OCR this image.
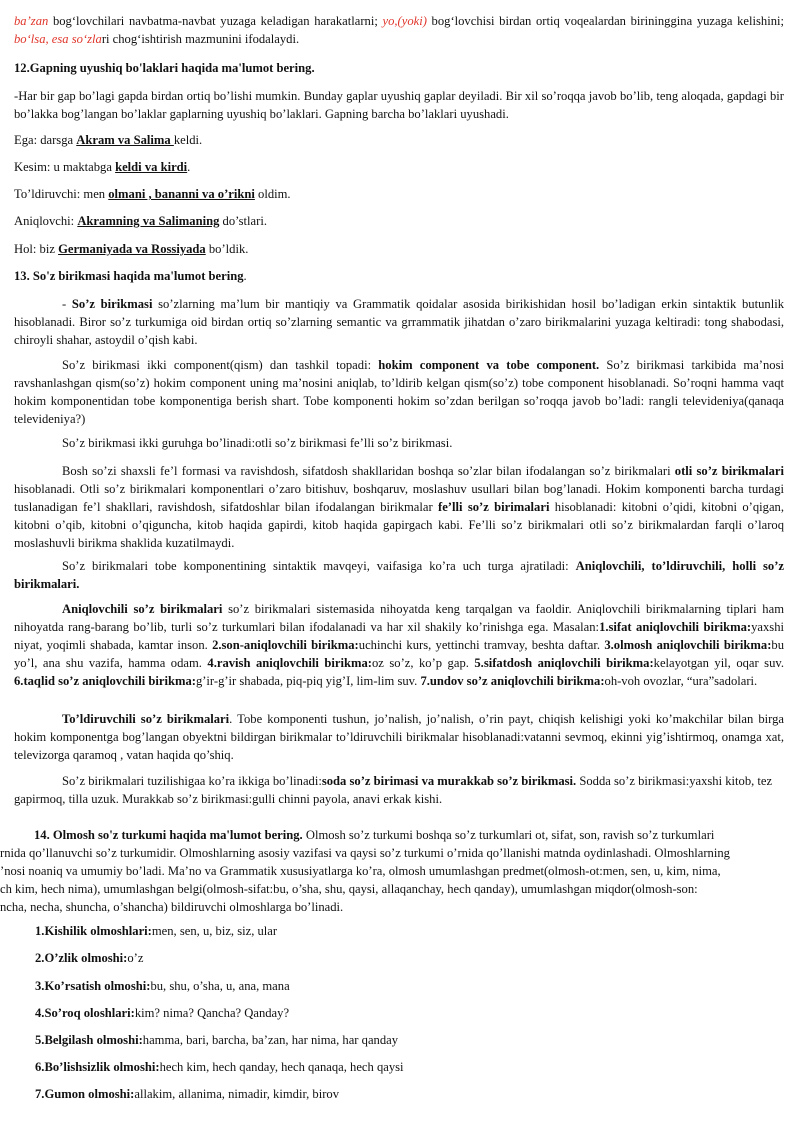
ba’zan bog‘lovchilari navbatma-navbat yuzaga keladigan harakatlarni; yo,(yoki) bog‘lovchisi birdan ortiq voqealardan birininggina yuzaga kelishini; bo‘lsa, esa so‘zlari chog‘ishtirish mazmunini ifodalaydi.

12.Gapning uyushiq bo'laklari haqida ma'lumot bering.

-Har bir gap bo’lagi gapda birdan ortiq bo’lishi mumkin. Bunday gaplar uyushiq gaplar deyiladi. Bir xil so’roqqa javob bo’lib, teng aloqada, gapdagi bir bo’lakka bog’langan bo’laklar gaplarning uyushiq bo’laklari. Gapning barcha bo’laklari uyushadi.

Ega: darsga Akram va Salima keldi.

Kesim: u maktabga keldi va kirdi.

To’ldiruvchi: men olmani , bananni va o’rikni oldim.

Aniqlovchi: Akramning va Salimaning do’stlari.

Hol: biz Germaniyada va Rossiyada bo’ldik.

13. So'z birikmasi haqida ma'lumot bering.

- So’z birikmasi so’zlarning ma’lum bir mantiqiy va Grammatik qoidalar asosida birikishidan hosil bo’ladigan erkin sintaktik butunlik hisoblanadi. Biror so’z turkumiga oid birdan ortiq so’zlarning semantic va grrammatik jihatdan o’zaro birikmalarini yuzaga keltiradi: tong shabodasi, chiroyli shahar, astoydil o’qish kabi.

So’z birikmasi ikki component(qism) dan tashkil topadi: hokim component va tobe component. So’z birikmasi tarkibida ma’nosi ravshanlashgan qism(so’z) hokim component uning ma’nosini aniqlab, to’ldirib kelgan qism(so’z) tobe component hisoblanadi. So’roqni hamma vaqt hokim komponentidan tobe komponentiga berish shart. Tobe komponenti hokim so’zdan berilgan so’roqqa javob bo’ladi: rangli televideniya(qanaqa televideniya?)

So’z birikmasi ikki guruhga bo’linadi:otli so’z birikmasi fe’lli so’z birikmasi.

Bosh so’zi shaxsli fe’l formasi va ravishdosh, sifatdosh shakllaridan boshqa so’zlar bilan ifodalangan so’z birikmalari otli so’z birikmalari hisoblanadi. Otli so’z birikmalari komponentlari o’zaro bitishuv, boshqaruv, moslashuv usullari bilan bog’lanadi. Hokim komponenti barcha turdagi tuslanadigan fe’l shakllari, ravishdosh, sifatdoshlar bilan ifodalangan birikmalar fe’lli so’z birimalari hisoblanadi: kitobni o’qidi, kitobni o’qigan, kitobni o’qib, kitobni o’qiguncha, kitob haqida gapirdi, kitob haqida gapirgach kabi. Fe’lli so’z birikmalari otli so’z birikmalardan farqli o’laroq moslashuvli birikma shaklida kuzatilmaydi.

So’z birikmalari tobe komponentining sintaktik mavqeyi, vaifasiga ko’ra uch turga ajratiladi: Aniqlovchili, to’ldiruvchili, holli so’z birikmalari.

Aniqlovchili so’z birikmalari so’z birikmalari sistemasida nihoyatda keng tarqalgan va faoldir. Aniqlovchili birikmalarning tiplari ham nihoyatda rang-barang bo’lib, turli so’z turkumlari bilan ifodalanadi va har xil shakily ko’rinishga ega. Masalan:1.sifat aniqlovchili birikma:yaxshi niyat, yoqimli shabada, kamtar inson. 2.son-aniqlovchili birikma:uchinchi kurs, yettinchi tramvay, beshta daftar. 3.olmosh aniqlovchili birikma:bu yo’l, ana shu vazifa, hamma odam. 4.ravish aniqlovchili birikma:oz so’z, ko’p gap. 5.sifatdosh aniqlovchili birikma:kelayotgan yil, oqar suv. 6.taqlid so’z aniqlovchili birikma:g’ir-g’ir shabada, piq-piq yig’I, lim-lim suv. 7.undov so’z aniqlovchili birikma:oh-voh ovozlar, “ura”sadolari.

To’ldiruvchili so’z birikmalari. Tobe komponenti tushun, jo’nalish, jo’nalish, o’rin payt, chiqish kelishigi yoki ko’makchilar bilan birga hokim komponentga bog’langan obyektni bildirgan birikmalar to’ldiruvchili birikmalar hisoblanadi:vatanni sevmoq, ekinni yig’ishtirmoq, onamga xat, televizorga qaramoq , vatan haqida qo’shiq.

So’z birikmalari tuzilishigaa ko’ra ikkiga bo’linadi:soda so’z birimasi va murakkab so’z birikmasi. Sodda so’z birikmasi:yaxshi kitob, tez gapirmoq, tilla uzuk. Murakkab so’z birikmasi:gulli chinni payola, anavi erkak kishi.

14. Olmosh so'z turkumi haqida ma'lumot bering. Olmosh so’z turkumi boshqa so’z turkumlari ot, sifat, son, ravish so’z turkumlari

rnida qo’llanuvchi so’z turkumidir. Olmoshlarning asosiy vazifasi va qaysi so’z turkumi o’rnida qo’llanishi matnda oydinlashadi. Olmoshlarning

’nosi noaniq va umumiy bo’ladi. Ma’no va Grammatik xususiyatlarga ko’ra, olmosh umumlashgan predmet(olmosh-ot:men, sen, u, kim, nima,

ch kim, hech nima), umumlashgan belgi(olmosh-sifat:bu, o’sha, shu, qaysi, allaqanchay, hech qanday), umumlashgan miqdor(olmosh-son:

ncha, necha, shuncha, o’shancha) bildiruvchi olmoshlarga bo’linadi.

1.Kishilik olmoshlari:men, sen, u, biz, siz, ular

2.O’zlik olmoshi:o’z

3.Ko’rsatish olmoshi:bu, shu, o’sha, u, ana, mana

4.So’roq oloshlari:kim? nima? Qancha? Qanday?

5.Belgilash olmoshi:hamma, bari, barcha, ba’zan, har nima, har qanday

6.Bo’lishsizlik olmoshi:hech kim, hech qanday, hech qanaqa, hech qaysi

7.Gumon olmoshi:allakim, allanima, nimadir, kimdir, birov
